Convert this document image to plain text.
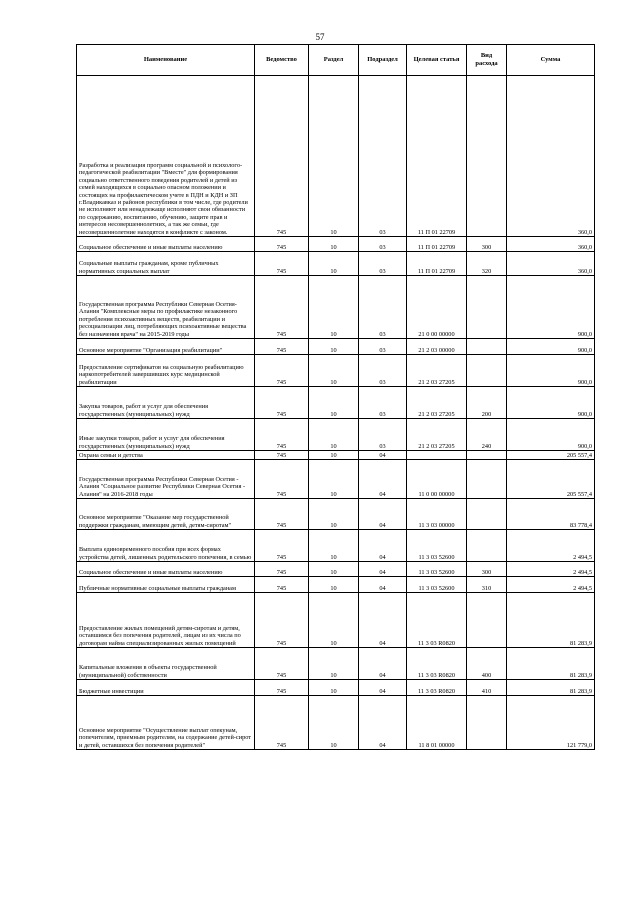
57
Наименование	Ведомство	Раздел	Подраздел	Целевая статья	Вид расхода	Сумма
Разработка и реализация программ социальной и психолого-педагогической реабилитации "Вместе" для формирования социально ответственного поведения родителей и детей из семей находящихся в социально опасном положении и состоящих на профилактическом учете в ПДН и КДН и ЗП г.Владикавказ и районов республики в том числе, где родители не исполняют или ненадлежаще исполняют свои обязанности по содержанию, воспитанию, обучению, защите прав и интересов несовершеннолетних, а так же семьи, где несовершеннолетние находятся в конфликте с законом.	745	10	03	11 П 01 22709		360,0
Социальное обеспечение и иные выплаты населению	745	10	03	11 П 01 22709	300	360,0
Социальные выплаты гражданам, кроме публичных нормативных социальных выплат	745	10	03	11 П 01 22709	320	360,0
Государственная программа Республики Северная Осетия-Алания "Комплексные меры по профилактике незаконного потребления психоактивных веществ, реабилитации и ресоциализации лиц, потребляющих психоактивные вещества без назначения врача" на 2015-2019 годы	745	10	03	21 0 00 00000		900,0
Основное мероприятие "Организация реабилитации"	745	10	03	21 2 03 00000		900,0
Предоставление сертификатов на социальную реабилитацию наркопотребителей завершивших курс медицинской реабилитации	745	10	03	21 2 03 27205		900,0
Закупка товаров, работ и услуг для обеспечения государственных (муниципальных) нужд	745	10	03	21 2 03 27205	200	900,0
Иные закупки товаров, работ и услуг для обеспечения государственных (муниципальных) нужд	745	10	03	21 2 03 27205	240	900,0
Охрана семьи и детства	745	10	04			205 557,4
Государственная программа Республики Северная Осетия - Алания "Социальное развитие Республики Северная Осетия - Алания" на 2016-2018 годы	745	10	04	11 0 00 00000		205 557,4
Основное мероприятие "Оказание мер государственной поддержки гражданам, имеющим детей, детям-сиротам"	745	10	04	11 3 03 00000		83 778,4
Выплата единовременного пособия при всех формах устройства детей, лишенных родительского попечения, в семью	745	10	04	11 3 03 52600		2 494,5
Социальное обеспечение и иные выплаты населению	745	10	04	11 3 03 52600	300	2 494,5
Публичные нормативные социальные выплаты гражданам	745	10	04	11 3 03 52600	310	2 494,5
Предоставление жилых помещений детям-сиротам и детям, оставшимся без попечения родителей, лицам из их числа по договорам найма специализированных жилых помещений	745	10	04	11 3 03 R0820		81 283,9
Капитальные вложения в объекты государственной (муниципальной) собственности	745	10	04	11 3 03 R0820	400	81 283,9
Бюджетные инвестиции	745	10	04	11 3 03 R0820	410	81 283,9
Основное мероприятие "Осуществление выплат опекунам, попечителям, приемным родителям, на содержание детей-сирот и детей, оставшихся без попечения родителей"	745	10	04	11 8 01 00000		121 779,0
